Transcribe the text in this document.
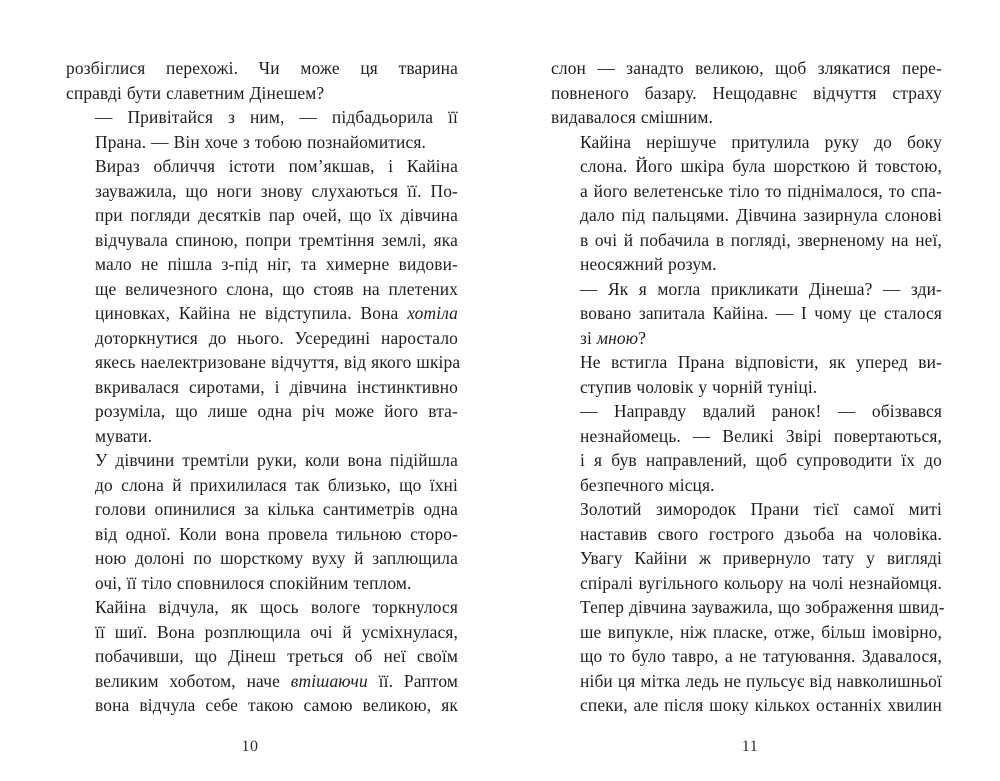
розбіглися перехожі. Чи може ця тварина
справді бути славетним Дінешем?

— Привітайся з ним, — підбадьорила її
Прана. — Він хоче з тобою познайомитися.

Вираз обличчя істоти пом’якшав, і Кайіна
зауважила, що ноги знову слухаються її. По-
при погляди десятків пар очей, що їх дівчина
відчувала спиною, попри тремтіння землі, яка
мало не пішла з-під ніг, та химерне видови-
ще величезного слона, що стояв на плетених
циновках, Кайіна не відступила. Вона хотіла
доторкнутися до нього. Усередині наростало
якесь наелектризоване відчуття, від якого шкіра
вкривалася сиротами, і дівчина інстинктивно
розуміла, що лише одна річ може його вта-
мувати.

У дівчини тремтіли руки, коли вона підійшла
до слона й прихилилася так близько, що їхні
голови опинилися за кілька сантиметрів одна
від одної. Коли вона провела тильною сторо-
ною долоні по шорсткому вуху й заплющила
очі, її тіло сповнилося спокійним теплом.

Кайіна відчула, як щось вологе торкнулося
її шиї. Вона розплющила очі й усміхнулася,
побачивши, що Дінеш треться об неї своїм
великим хоботом, наче втішаючи її. Раптом
вона відчула себе такою самою великою, як

10

слон — занадто великою, щоб злякатися пере-
повненого базару. Нещодавнє відчуття страху
видавалося смішним.

Кайіна нерішуче притулила руку до боку
слона. Його шкіра була шорсткою й товстою,
а його велетенське тіло то піднімалося, то спа-
дало під пальцями. Дівчина зазирнула слонові
в очі й побачила в погляді, зверненому на неї,
неосяжний розум.

— Як я могла прикликати Дінеша? — зди-
вовано запитала Кайіна. — І чому це сталося
зі мною?

Не встигла Прана відповісти, як уперед ви-
ступив чоловік у чорній туніці.

— Направду вдалий ранок! — обізвався
незнайомець. — Великі Звірі повертаються,
і я був направлений, щоб супроводити їх до
безпечного місця.

Золотий зимородок Прани тієї самої миті
наставив свого гострого дзьоба на чоловіка.
Увагу Кайіни ж привернуло тату у вигляді
спіралі вугільного кольору на чолі незнайомця.
Тепер дівчина зауважила, що зображення швид-
ше випукле, ніж пласке, отже, більш імовірно,
що то було тавро, а не татуювання. Здавалося,
ніби ця мітка ледь не пульсує від навколишньої
спеки, але після шоку кількох останніх хвилин

11
